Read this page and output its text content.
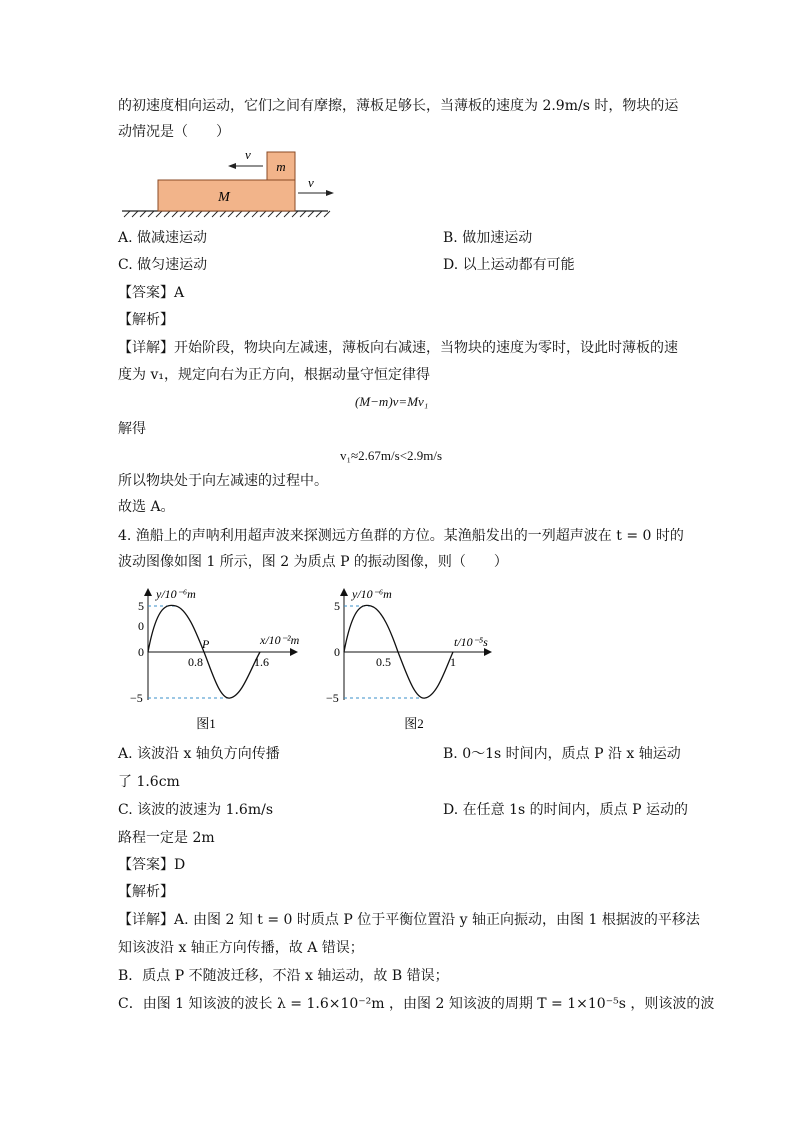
的初速度相向运动，它们之间有摩擦，薄板足够长，当薄板的速度为 2.9m/s 时，物块的运
动情况是（　　）
M
m
v
v
A. 做减速运动	B. 做加速运动
C. 做匀速运动	D. 以上运动都有可能
【答案】A
【解析】
【详解】开始阶段，物块向左减速，薄板向右减速，当物块的速度为零时，设此时薄板的速
度为 v₁，规定向右为正方向，根据动量守恒定律得
(M−m)v=Mv₁
解得
v₁≈2.67m/s<2.9m/s
所以物块处于向左减速的过程中。
故选 A。
4. 渔船上的声呐利用超声波来探测远方鱼群的方位。某渔船发出的一列超声波在 t = 0 时的
波动图像如图 1 所示，图 2 为质点 P 的振动图像，则（　　）
y/10⁻⁶m
x/10⁻²m
5
0
0
−5
0.8	1.6
P
图1
y/10⁻⁶m
t/10⁻⁵s
5
0
−5
0.5	1
图2
A. 该波沿 x 轴负方向传播	B. 0～1s 时间内，质点 P 沿 x 轴运动
了 1.6cm
C. 该波的波速为 1.6m/s	D. 在任意 1s 的时间内，质点 P 运动的
路程一定是 2m
【答案】D
【解析】
【详解】A. 由图 2 知 t = 0 时质点 P 位于平衡位置沿 y 轴正向振动，由图 1 根据波的平移法
知该波沿 x 轴正方向传播，故 A 错误；
B．质点 P 不随波迁移，不沿 x 轴运动，故 B 错误；
C．由图 1 知该波的波长 λ = 1.6×10⁻²m ，由图 2 知该波的周期 T = 1×10⁻⁵s ，则该波的波
